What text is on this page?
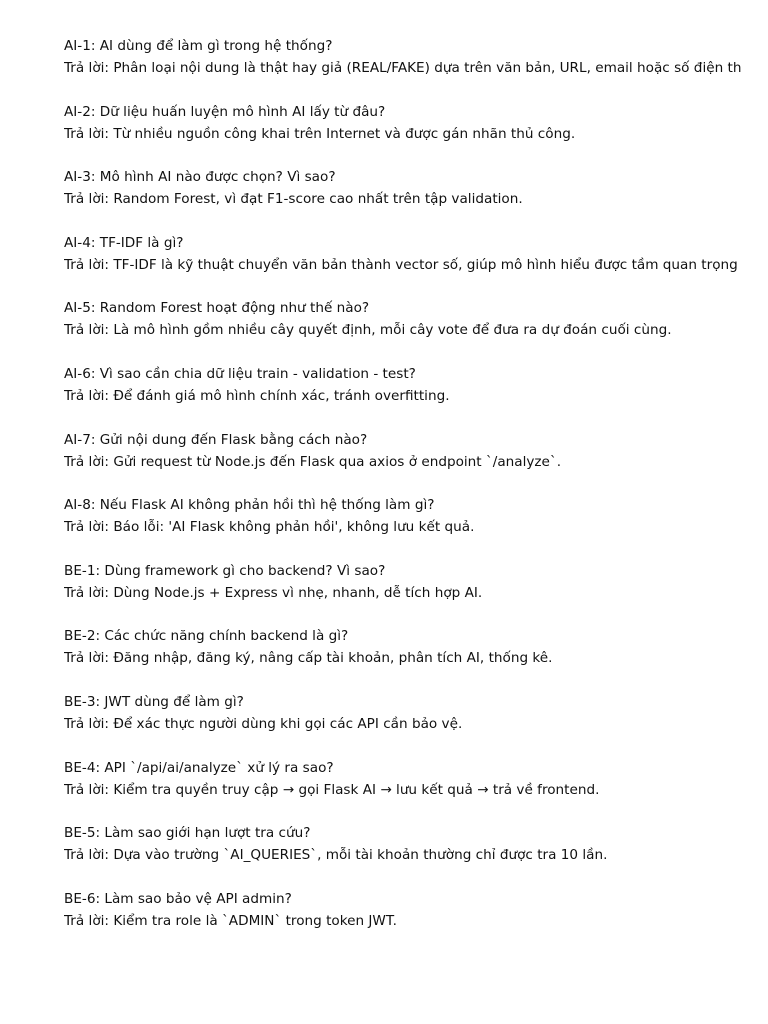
AI-1: AI dùng để làm gì trong hệ thống?
Trả lời: Phân loại nội dung là thật hay giả (REAL/FAKE) dựa trên văn bản, URL, email hoặc số điện th
AI-2: Dữ liệu huấn luyện mô hình AI lấy từ đâu?
Trả lời: Từ nhiều nguồn công khai trên Internet và được gán nhãn thủ công.
AI-3: Mô hình AI nào được chọn? Vì sao?
Trả lời: Random Forest, vì đạt F1-score cao nhất trên tập validation.
AI-4: TF-IDF là gì?
Trả lời: TF-IDF là kỹ thuật chuyển văn bản thành vector số, giúp mô hình hiểu được tầm quan trọng
AI-5: Random Forest hoạt động như thế nào?
Trả lời: Là mô hình gồm nhiều cây quyết định, mỗi cây vote để đưa ra dự đoán cuối cùng.
AI-6: Vì sao cần chia dữ liệu train - validation - test?
Trả lời: Để đánh giá mô hình chính xác, tránh overfitting.
AI-7: Gửi nội dung đến Flask bằng cách nào?
Trả lời: Gửi request từ Node.js đến Flask qua axios ở endpoint `/analyze`.
AI-8: Nếu Flask AI không phản hồi thì hệ thống làm gì?
Trả lời: Báo lỗi: 'AI Flask không phản hồi', không lưu kết quả.
BE-1: Dùng framework gì cho backend? Vì sao?
Trả lời: Dùng Node.js + Express vì nhẹ, nhanh, dễ tích hợp AI.
BE-2: Các chức năng chính backend là gì?
Trả lời: Đăng nhập, đăng ký, nâng cấp tài khoản, phân tích AI, thống kê.
BE-3: JWT dùng để làm gì?
Trả lời: Để xác thực người dùng khi gọi các API cần bảo vệ.
BE-4: API `/api/ai/analyze` xử lý ra sao?
Trả lời: Kiểm tra quyền truy cập → gọi Flask AI → lưu kết quả → trả về frontend.
BE-5: Làm sao giới hạn lượt tra cứu?
Trả lời: Dựa vào trường `AI_QUERIES`, mỗi tài khoản thường chỉ được tra 10 lần.
BE-6: Làm sao bảo vệ API admin?
Trả lời: Kiểm tra role là `ADMIN` trong token JWT.
